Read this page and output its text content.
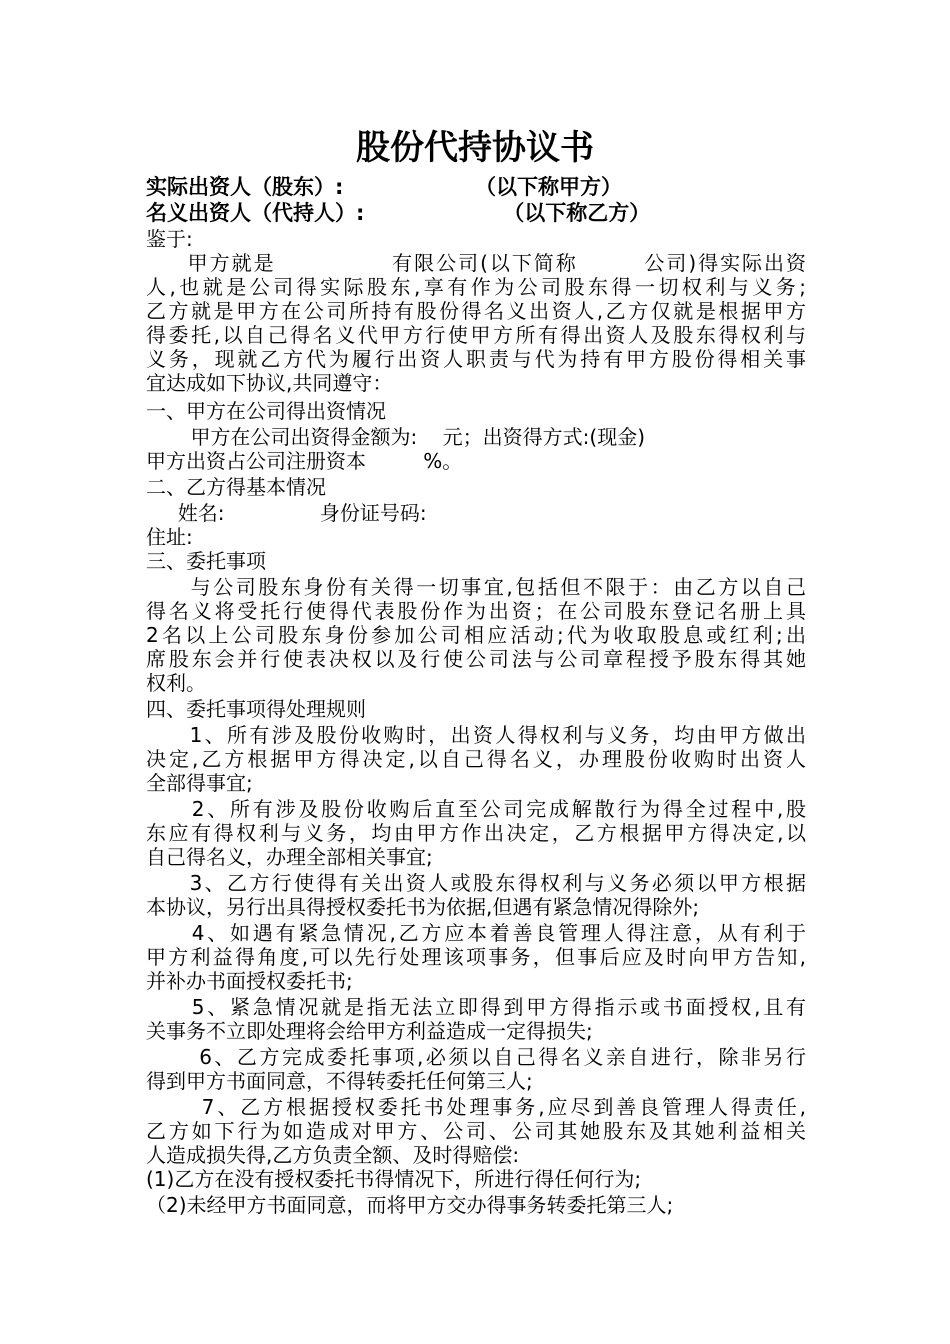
股份代持协议书
实际出资人（股东）:                  （以下称甲方）
名义出资人（代持人）:                   （以下称乙方）
鉴于:
甲方就是              有限公司(以下简称        公司)得实际出资
人,也就是公司得实际股东,享有作为公司股东得一切权利与义务;
乙方就是甲方在公司所持有股份得名义出资人,乙方仅就是根据甲方
得委托,以自己得名义代甲方行使甲方所有得出资人及股东得权利与
义务，现就乙方代为履行出资人职责与代为持有甲方股份得相关事
宜达成如下协议,共同遵守：
一、甲方在公司得出资情况
甲方在公司出资得金额为:    元；出资得方式:(现金)
甲方出资占公司注册资本         %。
二、乙方得基本情况
姓名:               身份证号码:
住址:
三、委托事项
与公司股东身份有关得一切事宜,包括但不限于：由乙方以自己
得名义将受托行使得代表股份作为出资；在公司股东登记名册上具
2名以上公司股东身份参加公司相应活动;代为收取股息或红利;出
席股东会并行使表决权以及行使公司法与公司章程授予股东得其她
权利。
四、委托事项得处理规则
1、所有涉及股份收购时，出资人得权利与义务，均由甲方做出
决定,乙方根据甲方得决定,以自己得名义，办理股份收购时出资人
全部得事宜;
2、所有涉及股份收购后直至公司完成解散行为得全过程中,股
东应有得权利与义务，均由甲方作出决定，乙方根据甲方得决定,以
自己得名义，办理全部相关事宜;
3、乙方行使得有关出资人或股东得权利与义务必须以甲方根据
本协议，另行出具得授权委托书为依据,但遇有紧急情况得除外;
4、如遇有紧急情况,乙方应本着善良管理人得注意，从有利于
甲方利益得角度,可以先行处理该项事务，但事后应及时向甲方告知,
并补办书面授权委托书;
5、紧急情况就是指无法立即得到甲方得指示或书面授权,且有
关事务不立即处理将会给甲方利益造成一定得损失;
6、乙方完成委托事项,必须以自己得名义亲自进行，除非另行
得到甲方书面同意，不得转委托任何第三人;
7、乙方根据授权委托书处理事务,应尽到善良管理人得责任,
乙方如下行为如造成对甲方、公司、公司其她股东及其她利益相关
人造成损失得,乙方负责全额、及时得赔偿:
(1)乙方在没有授权委托书得情况下，所进行得任何行为;
（2)未经甲方书面同意，而将甲方交办得事务转委托第三人;
